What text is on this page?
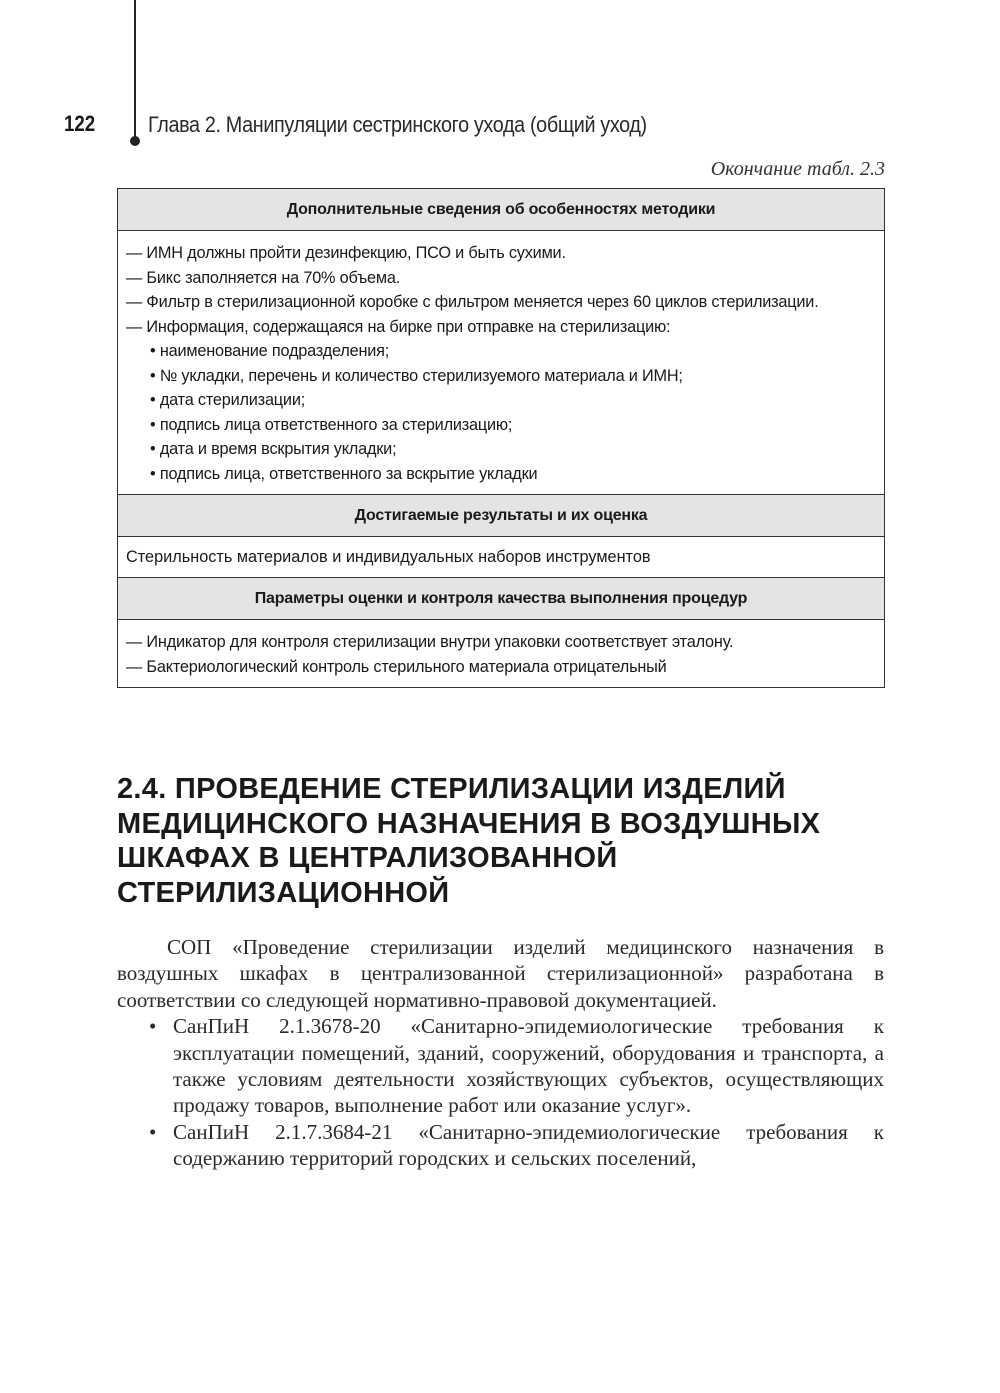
122 Глава 2. Манипуляции сестринского ухода (общий уход)
Окончание табл. 2.3
Дополнительные сведения об особенностях методики

— ИМН должны пройти дезинфекцию, ПСО и быть сухими.
— Бикс заполняется на 70% объема.
— Фильтр в стерилизационной коробке с фильтром меняется через 60 циклов стерилизации.
— Информация, содержащаяся на бирке при отправке на стерилизацию:
• наименование подразделения;
• № укладки, перечень и количество стерилизуемого материала и ИМН;
• дата стерилизации;
• подпись лица ответственного за стерилизацию;
• дата и время вскрытия укладки;
• подпись лица, ответственного за вскрытие укладки

Достигаемые результаты и их оценка
Стерильность материалов и индивидуальных наборов инструментов
Параметры оценки и контроля качества выполнения процедур

— Индикатор для контроля стерилизации внутри упаковки соответствует эталону.
— Бактериологический контроль стерильного материала отрицательный
2.4. ПРОВЕДЕНИЕ СТЕРИЛИЗАЦИИ ИЗДЕЛИЙ МЕДИЦИНСКОГО НАЗНАЧЕНИЯ В ВОЗДУШНЫХ ШКАФАХ В ЦЕНТРАЛИЗОВАННОЙ СТЕРИЛИЗАЦИОННОЙ

СОП «Проведение стерилизации изделий медицинского назначения в воздушных шкафах в централизованной стерилизационной» разработана в соответствии со следующей нормативно-правовой документацией.

• СанПиН 2.1.3678-20 «Санитарно-эпидемиологические требования к эксплуатации помещений, зданий, сооружений, оборудования и транспорта, а также условиям деятельности хозяйствующих субъектов, осуществляющих продажу товаров, выполнение работ или оказание услуг».
• СанПиН 2.1.7.3684-21 «Санитарно-эпидемиологические требования к содержанию территорий городских и сельских поселений,
